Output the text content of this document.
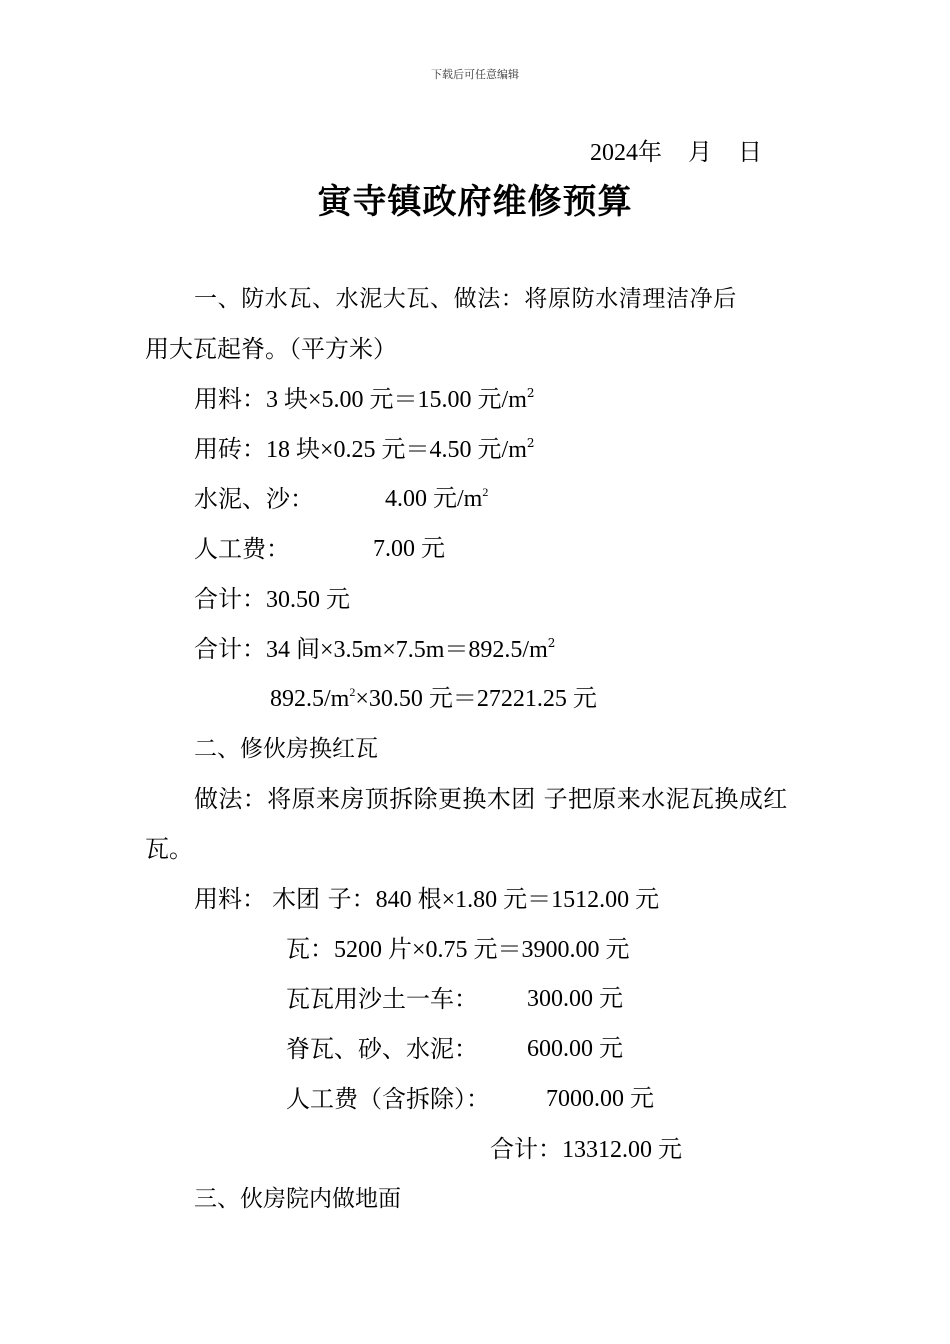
下载后可任意编辑
2024年 月 日
寅寺镇政府维修预算
一、防水瓦、水泥大瓦、做法：将原防水清理洁净后
用大瓦起脊。（平方米）
用料：3 块×5.00 元＝15.00 元$/m^2$
用砖：18 块×0.25 元＝4.50 元$/m^2$
水泥、沙：	4.00 元$/m^2$
人工费：	7.00 元
合计：30.50 元
合计：34 间$\times 3.5m\times 7.5m=892.5/m^2$
$892.5/m^2\times 30.50$ 元＝27221.25 元
二、修伙房换红瓦
做法：将原来房顶拆除更换木团 子把原来水泥瓦换成红
瓦。
用料： 木团 子：840 根×1.80 元＝1512.00 元
瓦：5200 片×0.75 元＝3900.00 元
瓦瓦用沙土一车： 300.00 元
脊瓦、砂、水泥： 600.00 元
人工费（含拆除）： 7000.00 元
合计：13312.00 元
三、伙房院内做地面
